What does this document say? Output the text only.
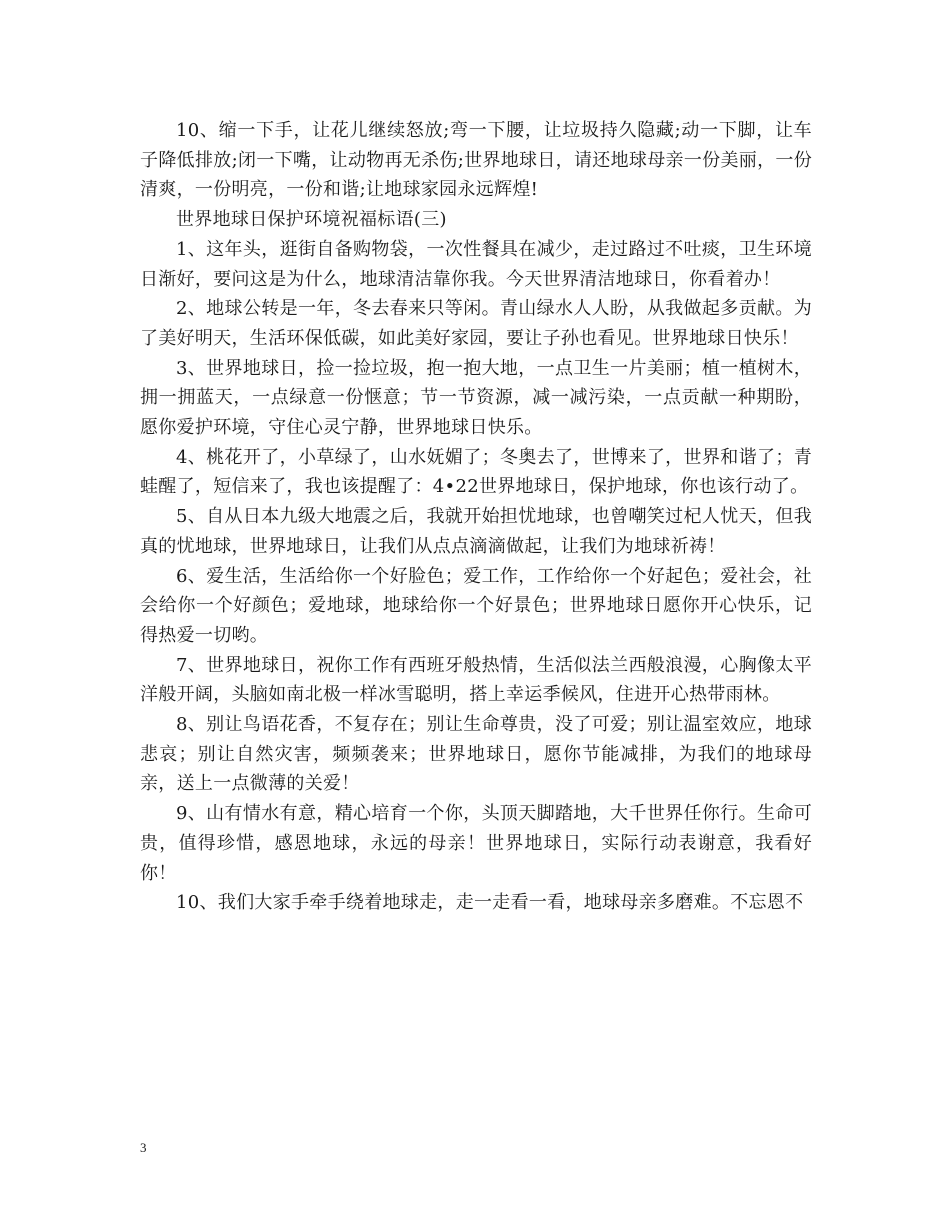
10、缩一下手，让花儿继续怒放;弯一下腰，让垃圾持久隐藏;动一下脚，让车子降低排放;闭一下嘴，让动物再无杀伤;世界地球日，请还地球母亲一份美丽，一份清爽，一份明亮，一份和谐;让地球家园永远辉煌!

世界地球日保护环境祝福标语(三)

1、这年头，逛街自备购物袋，一次性餐具在减少，走过路过不吐痰，卫生环境日渐好，要问这是为什么，地球清洁靠你我。今天世界清洁地球日，你看着办！

2、地球公转是一年，冬去春来只等闲。青山绿水人人盼，从我做起多贡献。为了美好明天，生活环保低碳，如此美好家园，要让子孙也看见。世界地球日快乐！

3、世界地球日，捡一捡垃圾，抱一抱大地，一点卫生一片美丽；植一植树木，拥一拥蓝天，一点绿意一份惬意；节一节资源，减一减污染，一点贡献一种期盼，愿你爱护环境，守住心灵宁静，世界地球日快乐。

4、桃花开了，小草绿了，山水妩媚了；冬奥去了，世博来了，世界和谐了；青蛙醒了，短信来了，我也该提醒了：4•22世界地球日，保护地球，你也该行动了。

5、自从日本九级大地震之后，我就开始担忧地球，也曾嘲笑过杞人忧天，但我真的忧地球，世界地球日，让我们从点点滴滴做起，让我们为地球祈祷！

6、爱生活，生活给你一个好脸色；爱工作，工作给你一个好起色；爱社会，社会给你一个好颜色；爱地球，地球给你一个好景色；世界地球日愿你开心快乐，记得热爱一切哟。

7、世界地球日，祝你工作有西班牙般热情，生活似法兰西般浪漫，心胸像太平洋般开阔，头脑如南北极一样冰雪聪明，搭上幸运季候风，住进开心热带雨林。

8、别让鸟语花香，不复存在；别让生命尊贵，没了可爱；别让温室效应，地球悲哀；别让自然灾害，频频袭来；世界地球日，愿你节能减排，为我们的地球母亲，送上一点微薄的关爱！

9、山有情水有意，精心培育一个你，头顶天脚踏地，大千世界任你行。生命可贵，值得珍惜，感恩地球，永远的母亲！世界地球日，实际行动表谢意，我看好你！

10、我们大家手牵手绕着地球走，走一走看一看，地球母亲多磨难。不忘恩不

3
